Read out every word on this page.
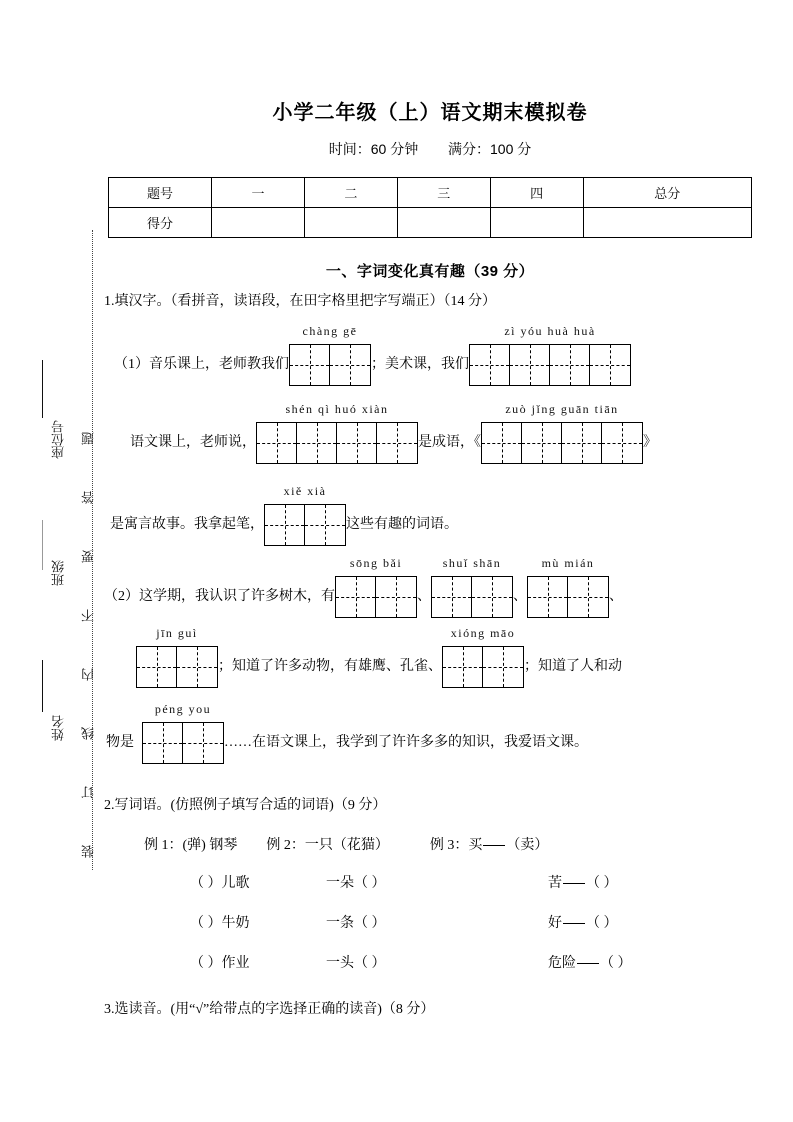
装订线内不要答题
座位号
班级
姓名
小学二年级（上）语文期末模拟卷
时间：60 分钟 满分：100 分
题号	一	二	三	四	总分
得分					
一、字词变化真有趣（39 分）
1.填汉字。（看拼音，读语段，在田字格里把字写端正）（14 分）
（1）音乐课上，老师教我们
chàng gē
；美术课，我们
zì yóu huà huà
语文课上，老师说，
shén qì huó xiàn
是成语，《
zuò jǐng guān tiān
》
是寓言故事。我拿起笔，
xiě xià
这些有趣的词语。
（2）这学期，我认识了许多树木，有
sōng bǎi
、
shuǐ shān
、
mù mián
、
jīn guì
；知道了许多动物，有雄鹰、孔雀、
xióng māo
；知道了人和动
物是
péng you
……在语文课上，我学到了许许多多的知识，我爱语文课。
2.写词语。(仿照例子填写合适的词语)（9 分）
例 1：(弹) 钢琴 例 2：一只（花猫）	例 3：买 （卖）
（ ）儿歌	一朵（ ）	苦 （ ）
（ ）牛奶	一条（ ）	好 （ ）
（ ）作业	一头（ ）	危险 （ ）
3.选读音。(用“√”给带点的字选择正确的读音)（8 分）
